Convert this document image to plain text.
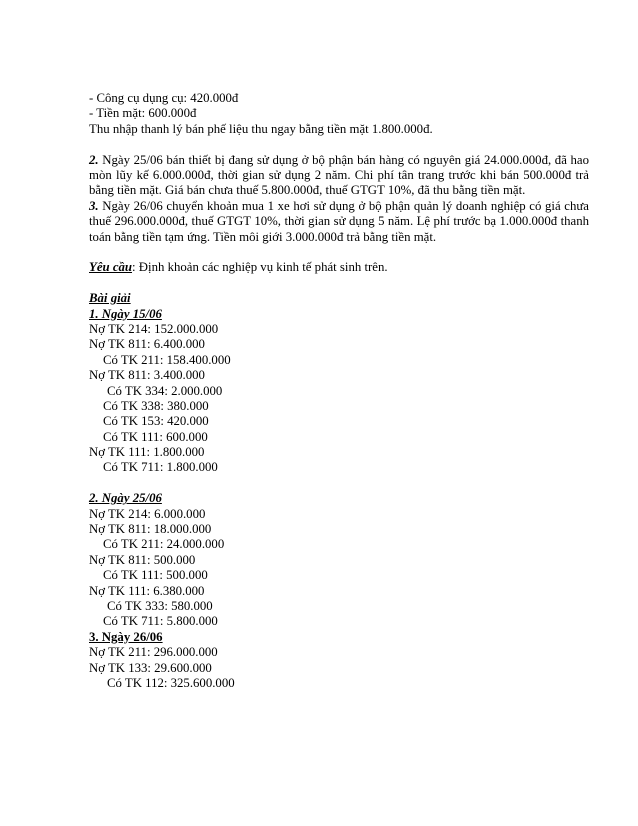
- Công cụ dụng cụ: 420.000đ

- Tiền mặt: 600.000đ

Thu nhập thanh lý bán phế liệu thu ngay bằng tiền mặt 1.800.000đ.

2. Ngày 25/06 bán thiết bị đang sử dụng ở bộ phận bán hàng có nguyên giá 24.000.000đ, đã hao mòn lũy kế 6.000.000đ, thời gian sử dụng 2 năm. Chi phí tân trang trước khi bán 500.000đ trả bằng tiền mặt. Giá bán chưa thuế 5.800.000đ, thuế GTGT 10%, đã thu bằng tiền mặt.

3. Ngày 26/06 chuyển khoản mua 1 xe hơi sử dụng ở bộ phận quản lý doanh nghiệp có giá chưa thuế 296.000.000đ, thuế GTGT 10%, thời gian sử dụng 5 năm. Lệ phí trước bạ 1.000.000đ thanh toán bằng tiền tạm ứng. Tiền môi giới 3.000.000đ trả bằng tiền mặt.

Yêu cầu: Định khoản các nghiệp vụ kinh tế phát sinh trên.

Bài giải

1. Ngày 15/06

Nợ TK 214: 152.000.000

Nợ TK 811: 6.400.000

Có TK 211: 158.400.000

Nợ TK 811: 3.400.000

Có TK 334: 2.000.000

Có TK 338: 380.000

Có TK 153: 420.000

Có TK 111: 600.000

Nợ TK 111: 1.800.000

Có TK 711: 1.800.000

2. Ngày 25/06

Nợ TK 214: 6.000.000

Nợ TK 811: 18.000.000

Có TK 211: 24.000.000

Nợ TK 811: 500.000

Có TK 111: 500.000

Nợ TK 111: 6.380.000

Có TK 333: 580.000

Có TK 711: 5.800.000

3. Ngày 26/06

Nợ TK 211: 296.000.000

Nợ TK 133: 29.600.000

Có TK 112: 325.600.000
